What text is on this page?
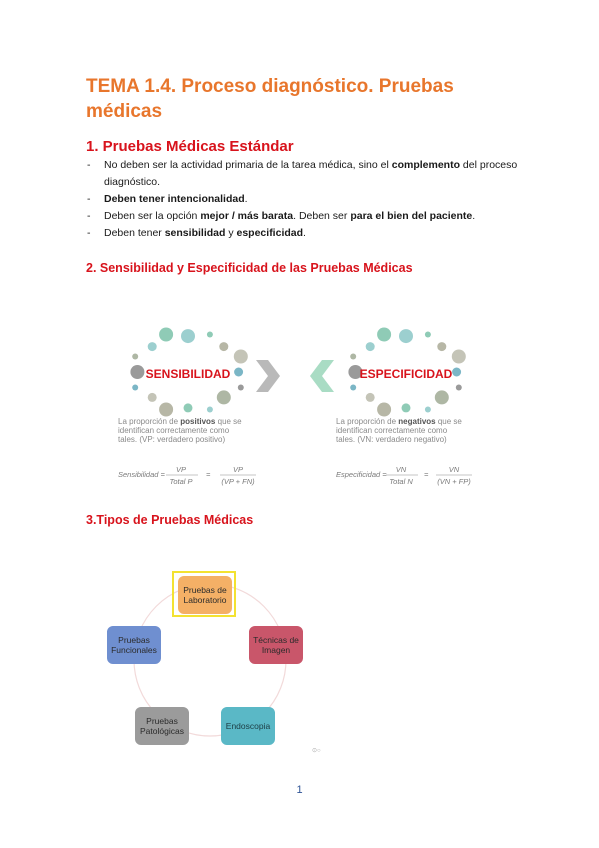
TEMA 1.4. Proceso diagnóstico. Pruebas médicas
1. Pruebas Médicas Estándar
- No deben ser la actividad primaria de la tarea médica, sino el complemento del proceso diagnóstico.
- Deben tener intencionalidad.
- Deben ser la opción mejor / más barata. Deben ser para el bien del paciente.
- Deben tener sensibilidad y especificidad.
2. Sensibilidad y Especificidad de las Pruebas Médicas
SENSIBILIDAD	ESPECIFICIDAD
La proporción de positivos que se
identifican correctamente como
tales. (VP: verdadero positivo)
La proporción de negativos que se
identifican correctamente como
tales. (VN: verdadero negativo)
Sensibilidad =
VP
Total P
=
VP
(VP + FN)
Especificidad =
VN
Total N
=
VN
(VN + FP)
3.Tipos de Pruebas Médicas
Pruebas de Laboratorio
Técnicas de Imagen
Endoscopia
Pruebas Patológicas
Pruebas Funcionales
⊙○
1
